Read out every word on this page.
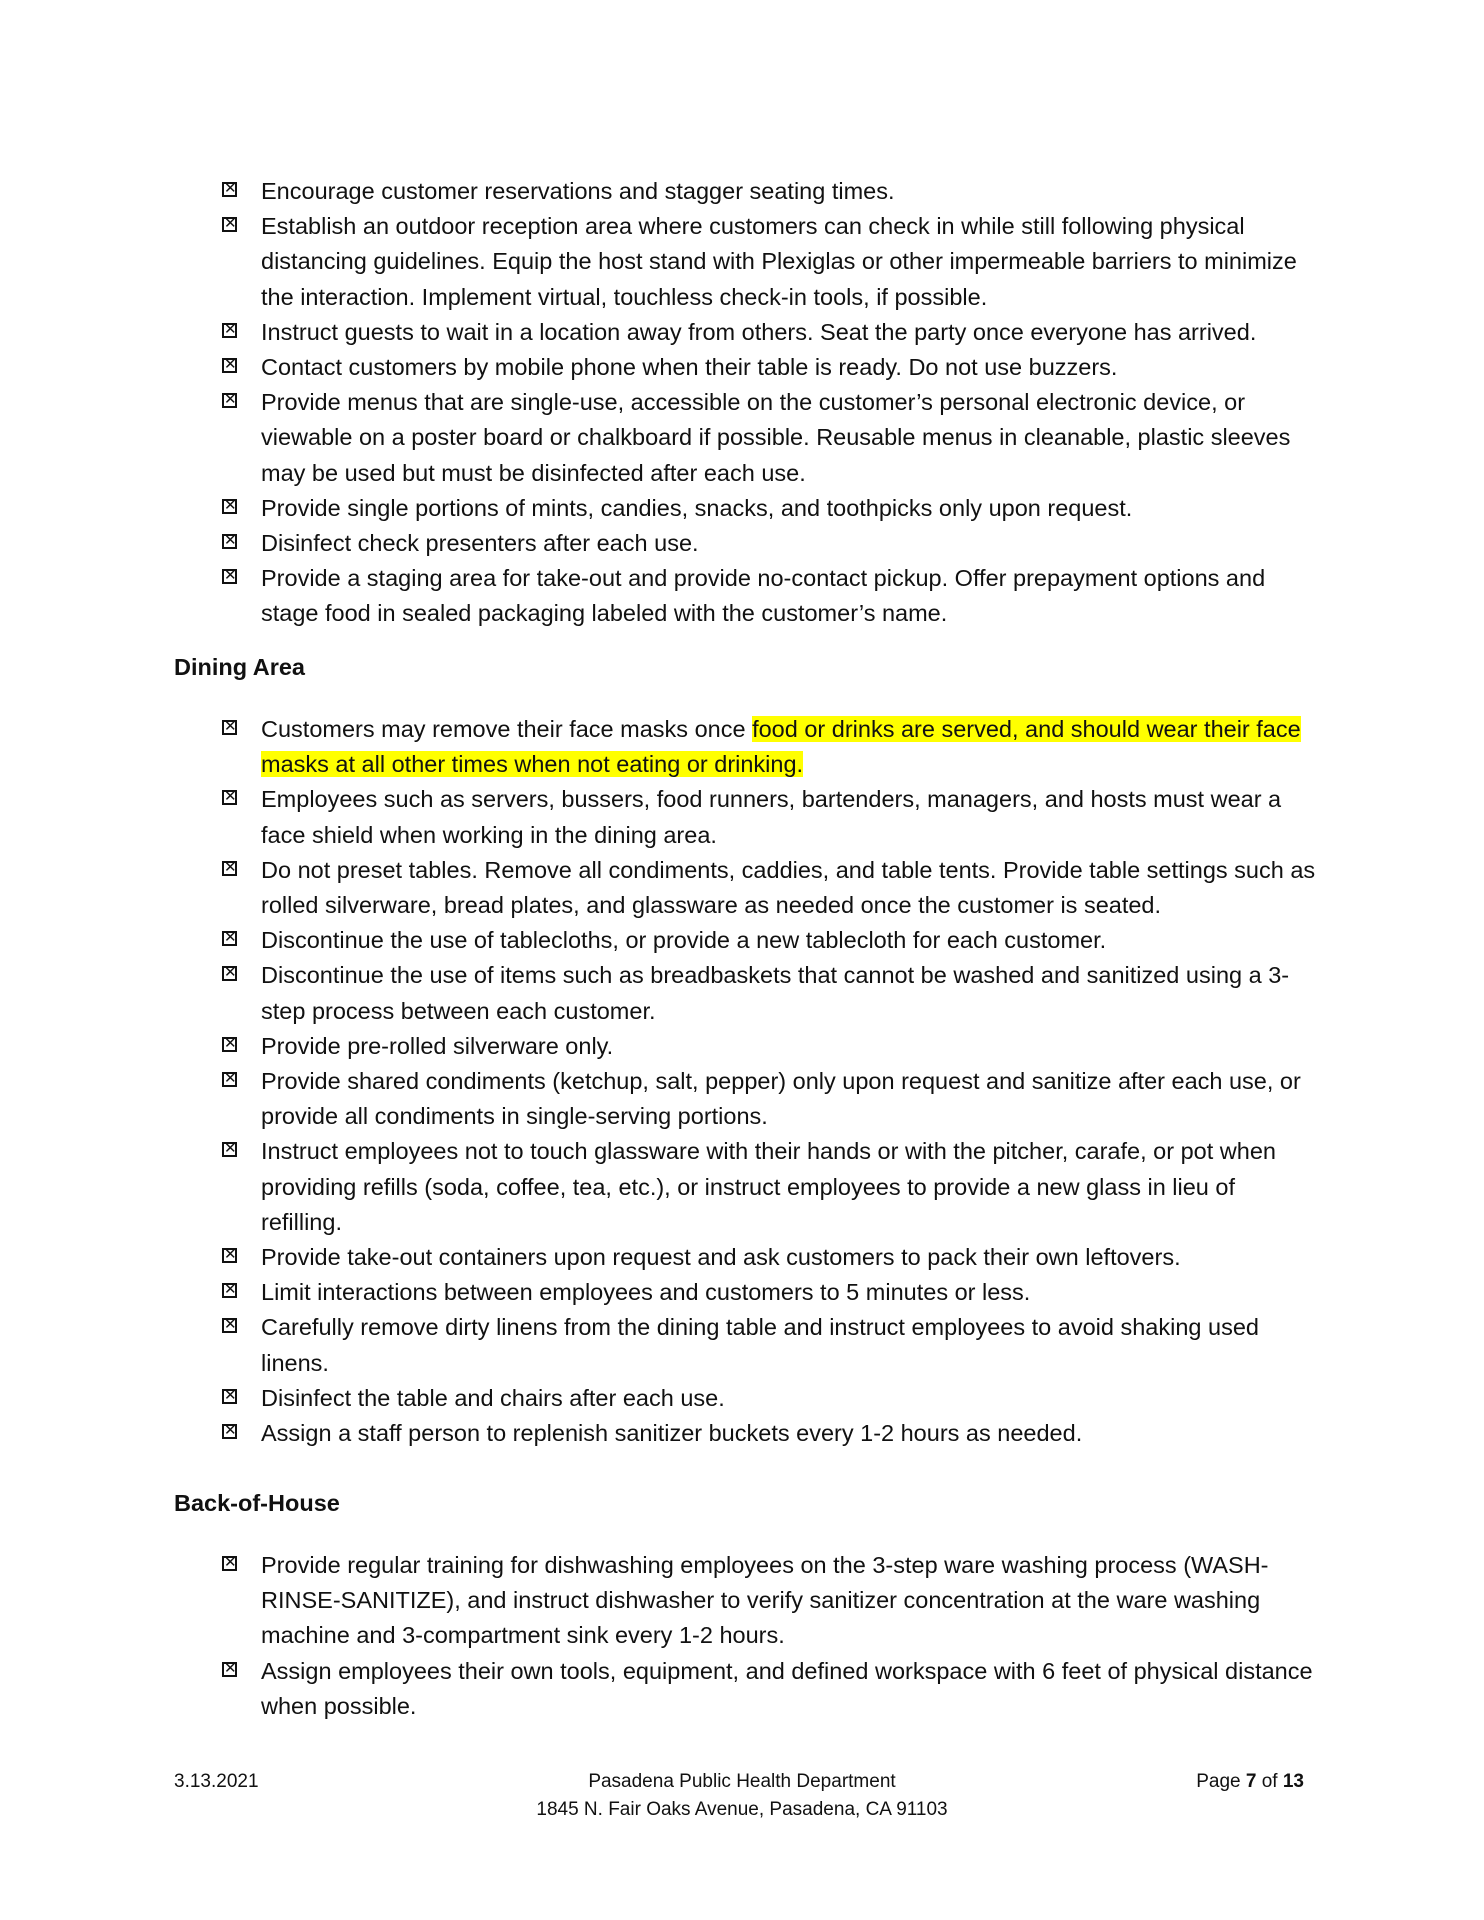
✕ Encourage customer reservations and stagger seating times.
✕ Establish an outdoor reception area where customers can check in while still following physical distancing guidelines. Equip the host stand with Plexiglas or other impermeable barriers to minimize the interaction. Implement virtual, touchless check-in tools, if possible.
✕ Instruct guests to wait in a location away from others. Seat the party once everyone has arrived.
✕ Contact customers by mobile phone when their table is ready. Do not use buzzers.
✕ Provide menus that are single-use, accessible on the customer’s personal electronic device, or viewable on a poster board or chalkboard if possible. Reusable menus in cleanable, plastic sleeves may be used but must be disinfected after each use.
✕ Provide single portions of mints, candies, snacks, and toothpicks only upon request.
✕ Disinfect check presenters after each use.
✕ Provide a staging area for take-out and provide no-contact pickup. Offer prepayment options and stage food in sealed packaging labeled with the customer’s name.
Dining Area
✕ Customers may remove their face masks once food or drinks are served, and should wear their face masks at all other times when not eating or drinking.
✕ Employees such as servers, bussers, food runners, bartenders, managers, and hosts must wear a face shield when working in the dining area.
✕ Do not preset tables. Remove all condiments, caddies, and table tents. Provide table settings such as rolled silverware, bread plates, and glassware as needed once the customer is seated.
✕ Discontinue the use of tablecloths, or provide a new tablecloth for each customer.
✕ Discontinue the use of items such as breadbaskets that cannot be washed and sanitized using a 3-step process between each customer.
✕ Provide pre-rolled silverware only.
✕ Provide shared condiments (ketchup, salt, pepper) only upon request and sanitize after each use, or provide all condiments in single-serving portions.
✕ Instruct employees not to touch glassware with their hands or with the pitcher, carafe, or pot when providing refills (soda, coffee, tea, etc.), or instruct employees to provide a new glass in lieu of refilling.
✕ Provide take-out containers upon request and ask customers to pack their own leftovers.
✕ Limit interactions between employees and customers to 5 minutes or less.
✕ Carefully remove dirty linens from the dining table and instruct employees to avoid shaking used linens.
✕ Disinfect the table and chairs after each use.
✕ Assign a staff person to replenish sanitizer buckets every 1-2 hours as needed.
Back-of-House
✕ Provide regular training for dishwashing employees on the 3-step ware washing process (WASH-RINSE-SANITIZE), and instruct dishwasher to verify sanitizer concentration at the ware washing machine and 3-compartment sink every 1-2 hours.
✕ Assign employees their own tools, equipment, and defined workspace with 6 feet of physical distance when possible.
3.13.2021	Pasadena Public Health Department
1845 N. Fair Oaks Avenue, Pasadena, CA 91103
Page 7 of 13
